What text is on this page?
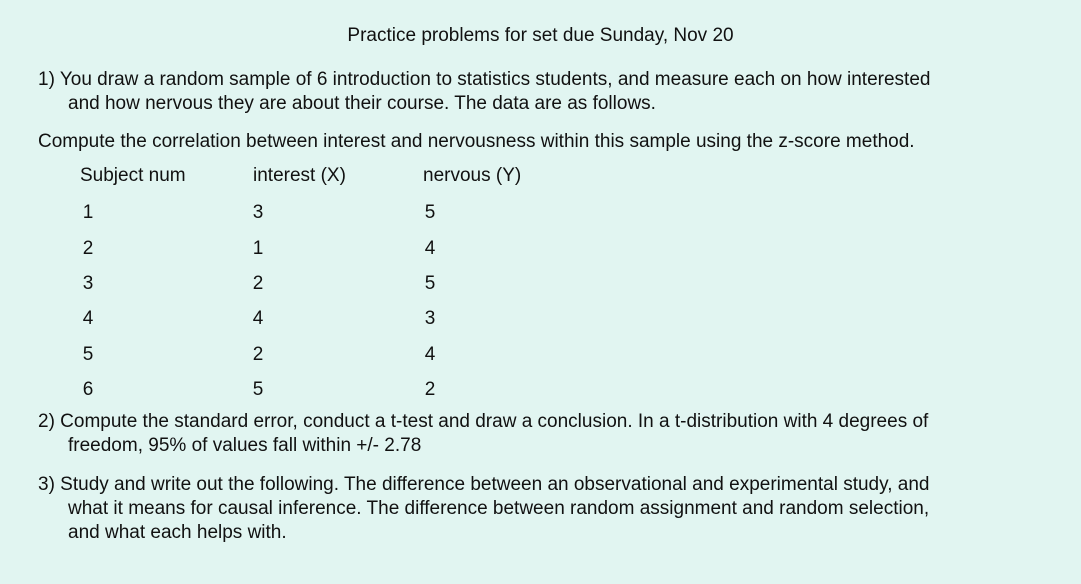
Practice problems for set due Sunday, Nov 20
1) You draw a random sample of 6 introduction to statistics students, and measure each on how interested
and how nervous they are about their course. The data are as follows.
Compute the correlation between interest and nervousness within this sample using the z-score method.
Subject num	interest (X)	nervous (Y)
1	3	5
2	1	4
3	2	5
4	4	3
5	2	4
6	5	2
2) Compute the standard error, conduct a t-test and draw a conclusion. In a t-distribution with 4 degrees of
freedom, 95% of values fall within +/- 2.78
3) Study and write out the following. The difference between an observational and experimental study, and
what it means for causal inference. The difference between random assignment and random selection,
and what each helps with.
